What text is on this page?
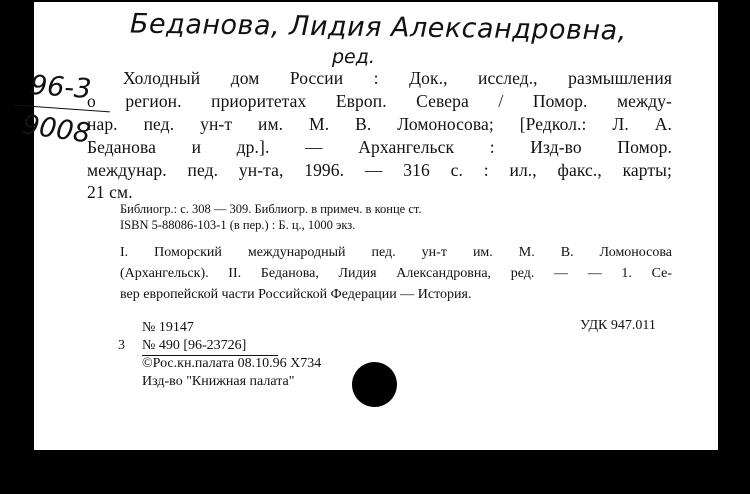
Беданова, Лидия Александровна,
ред.
96-3
9008
Холодный дом России : Док., исслед., размышления
о регион. приоритетах Европ. Севера / Помор. между-
нар. пед. ун-т им. М. В. Ломоносова; [Редкол.: Л. А.
Беданова и др.]. — Архангельск : Изд-во Помор.
междунар. пед. ун-та, 1996. — 316 с. : ил., факс., карты;
21 см.
Библиогр.: с. 308 — 309. Библиогр. в примеч. в конце ст.
ISBN 5-88086-103-1 (в пер.) : Б. ц., 1000 экз.
I. Поморский международный пед. ун-т им. М. В. Ломоносова
(Архангельск). II. Беданова, Лидия Александровна, ред. — — 1. Се-
вер европейской части Российской Федерации — История.
№ 19147	УДК 947.011
3 № 490 [96-23726]
©Рос.кн.палата 08.10.96 Х734
Изд-во "Книжная палата"
